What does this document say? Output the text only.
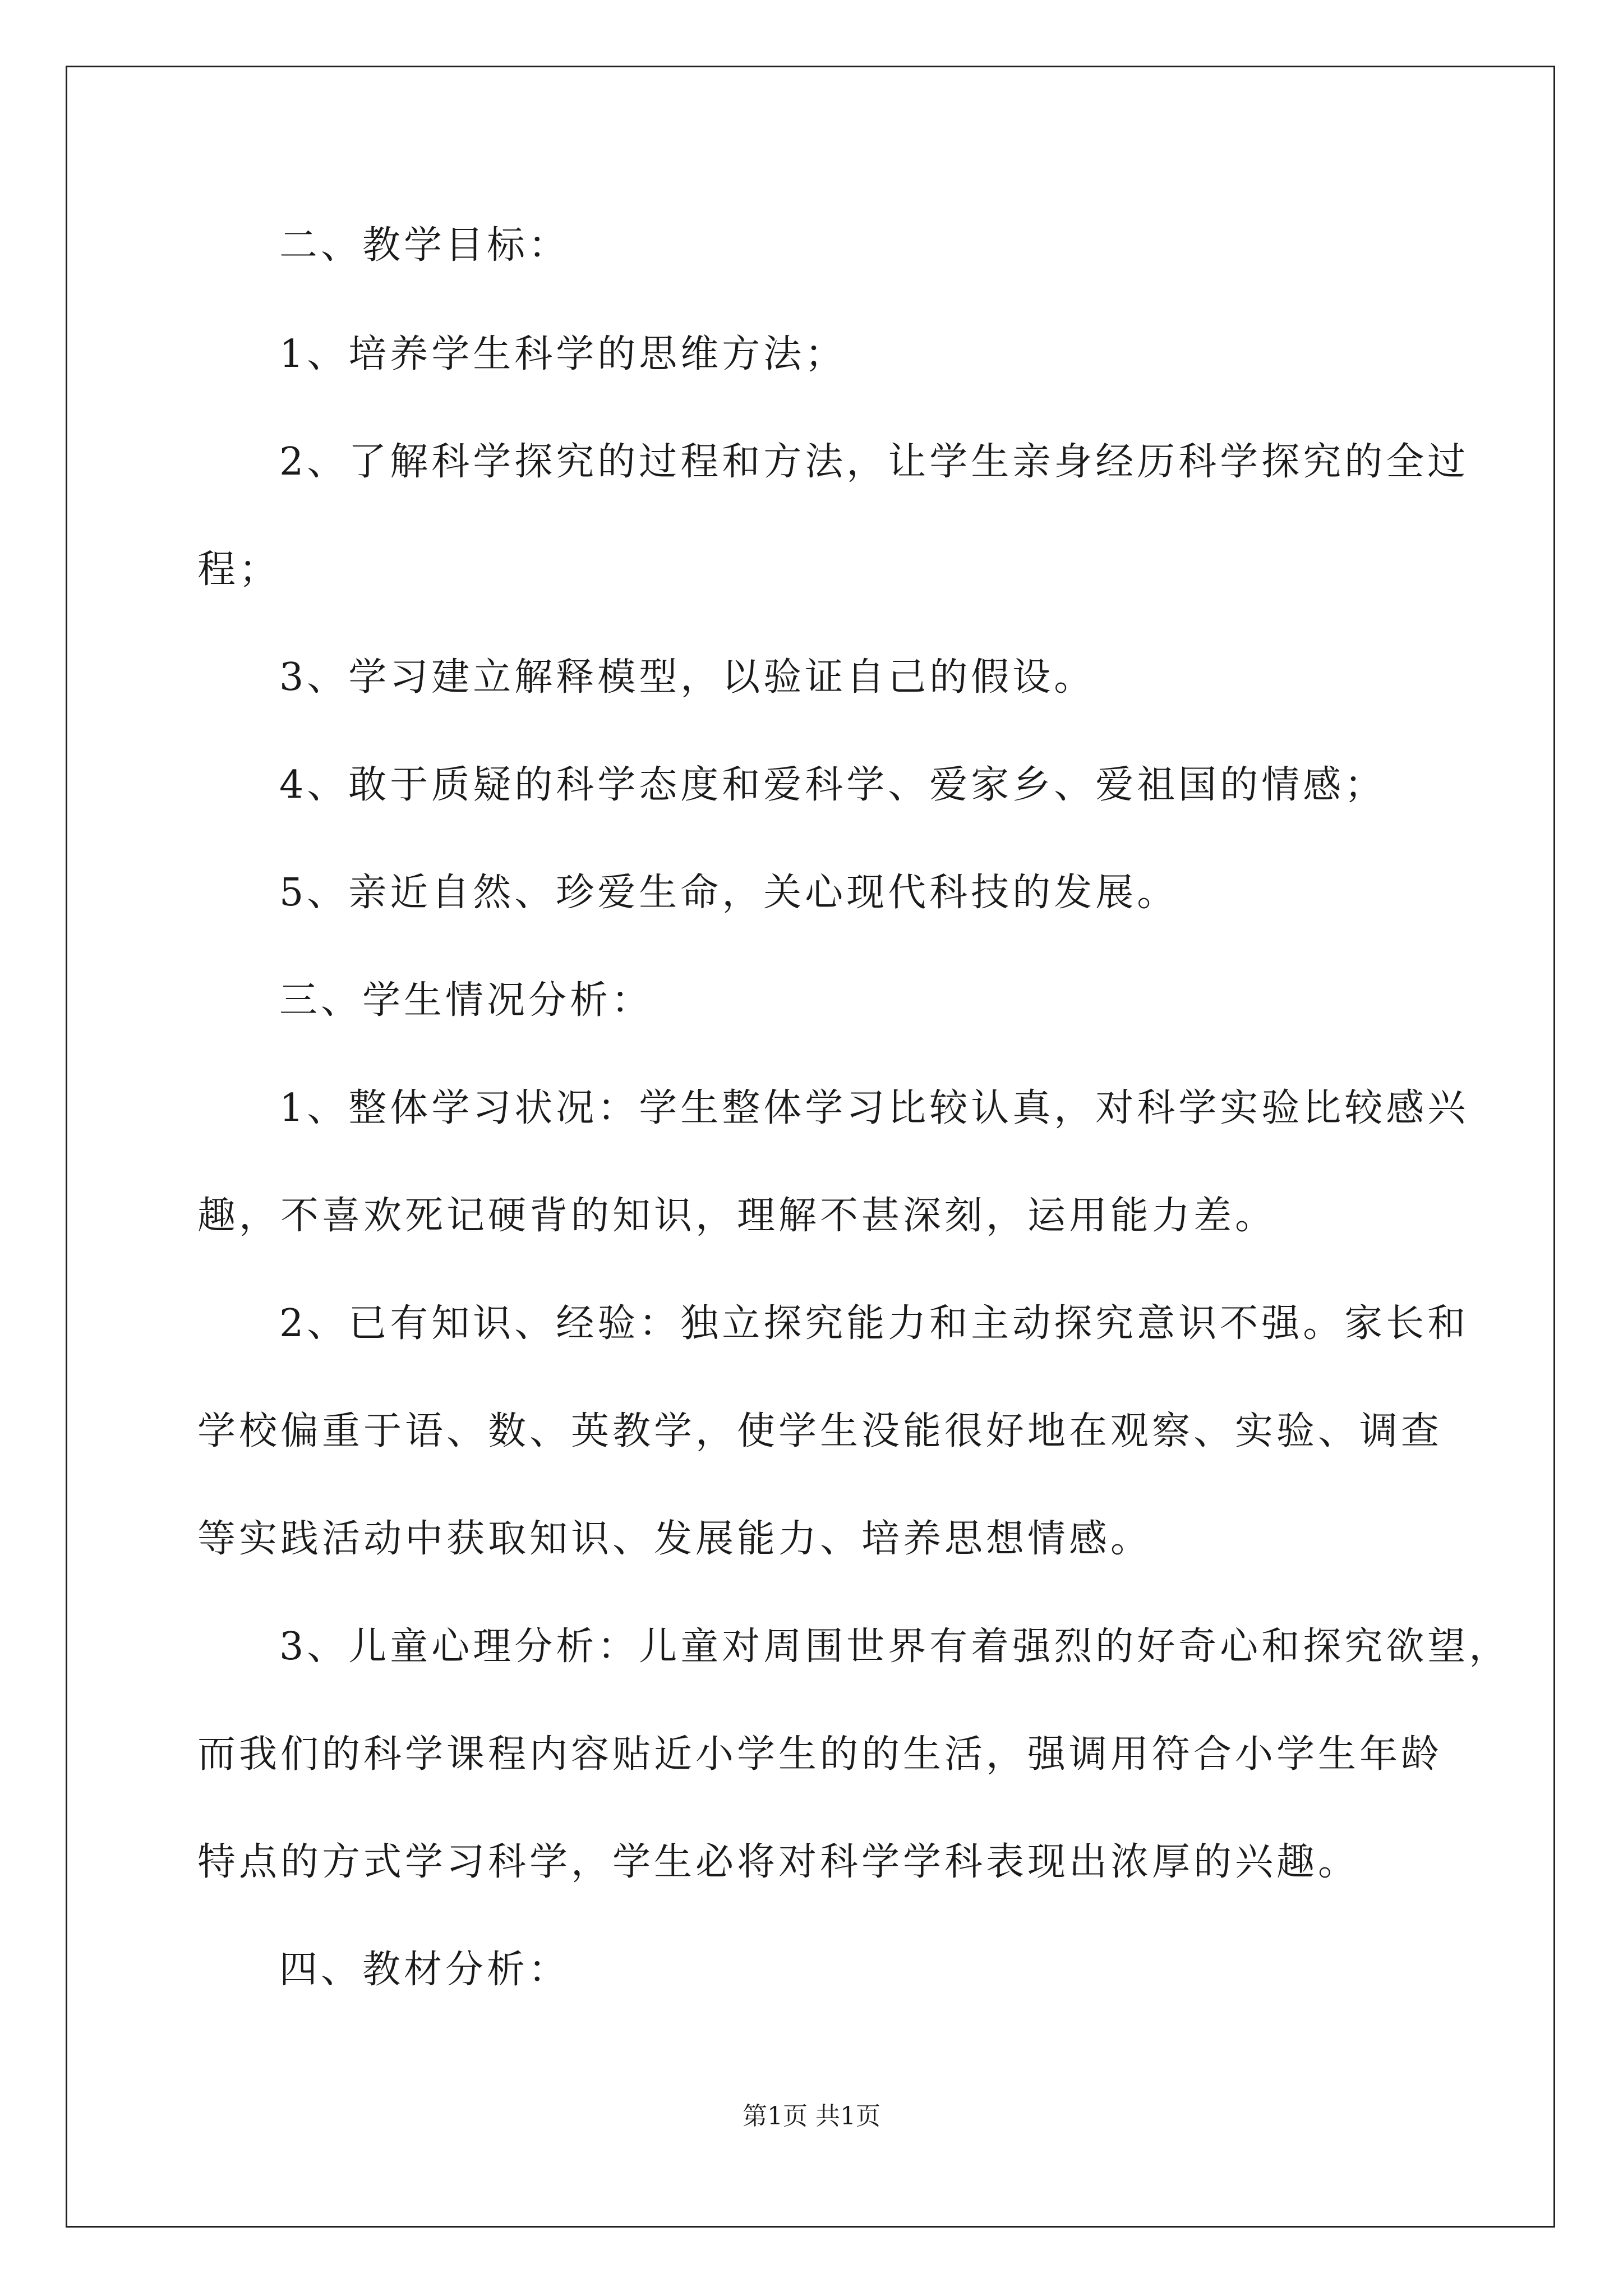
二、教学目标：

1、培养学生科学的思维方法；

2、了解科学探究的过程和方法，让学生亲身经历科学探究的全过

程；

3、学习建立解释模型，以验证自己的假设。

4、敢于质疑的科学态度和爱科学、爱家乡、爱祖国的情感；

5、亲近自然、珍爱生命，关心现代科技的发展。

三、学生情况分析：

1、整体学习状况：学生整体学习比较认真，对科学实验比较感兴

趣，不喜欢死记硬背的知识，理解不甚深刻，运用能力差。

2、已有知识、经验：独立探究能力和主动探究意识不强。家长和

学校偏重于语、数、英教学，使学生没能很好地在观察、实验、调查

等实践活动中获取知识、发展能力、培养思想情感。

3、儿童心理分析：儿童对周围世界有着强烈的好奇心和探究欲望，

而我们的科学课程内容贴近小学生的的生活，强调用符合小学生年龄

特点的方式学习科学，学生必将对科学学科表现出浓厚的兴趣。

四、教材分析：

第1页 共1页
